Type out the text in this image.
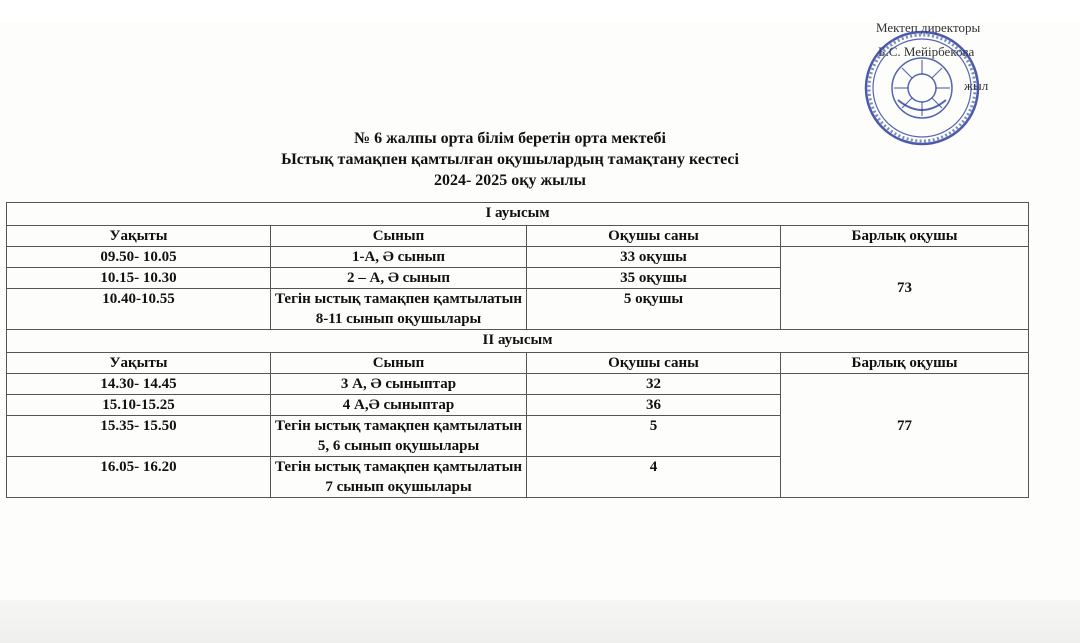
Мектеп директоры
Б.С. Мейірбекова
жыл
№ 6 жалпы орта білім беретін орта мектебі
Ыстық тамақпен қамтылған оқушылардың тамақтану кестесі
2024- 2025 оқу жылы
I ауысым			
Уақыты	Сынып	Оқушы саны	Барлық оқушы
09.50- 10.05	1-А, Ә сынып	33 оқушы	73
10.15- 10.30	2 – А, Ә сынып	35 оқушы	
10.40-10.55	Тегін ыстық тамақпен қамтылатын 8-11 сынып оқушылары	5 оқушы	
II ауысым			
Уақыты	Сынып	Оқушы саны	Барлық оқушы
14.30- 14.45	3 А, Ә сыныптар	32	77
15.10-15.25	4 А,Ә сыныптар	36	
15.35- 15.50	Тегін ыстық тамақпен қамтылатын 5, 6 сынып оқушылары	5	
16.05- 16.20	Тегін ыстық тамақпен қамтылатын 7 сынып оқушылары	4	
